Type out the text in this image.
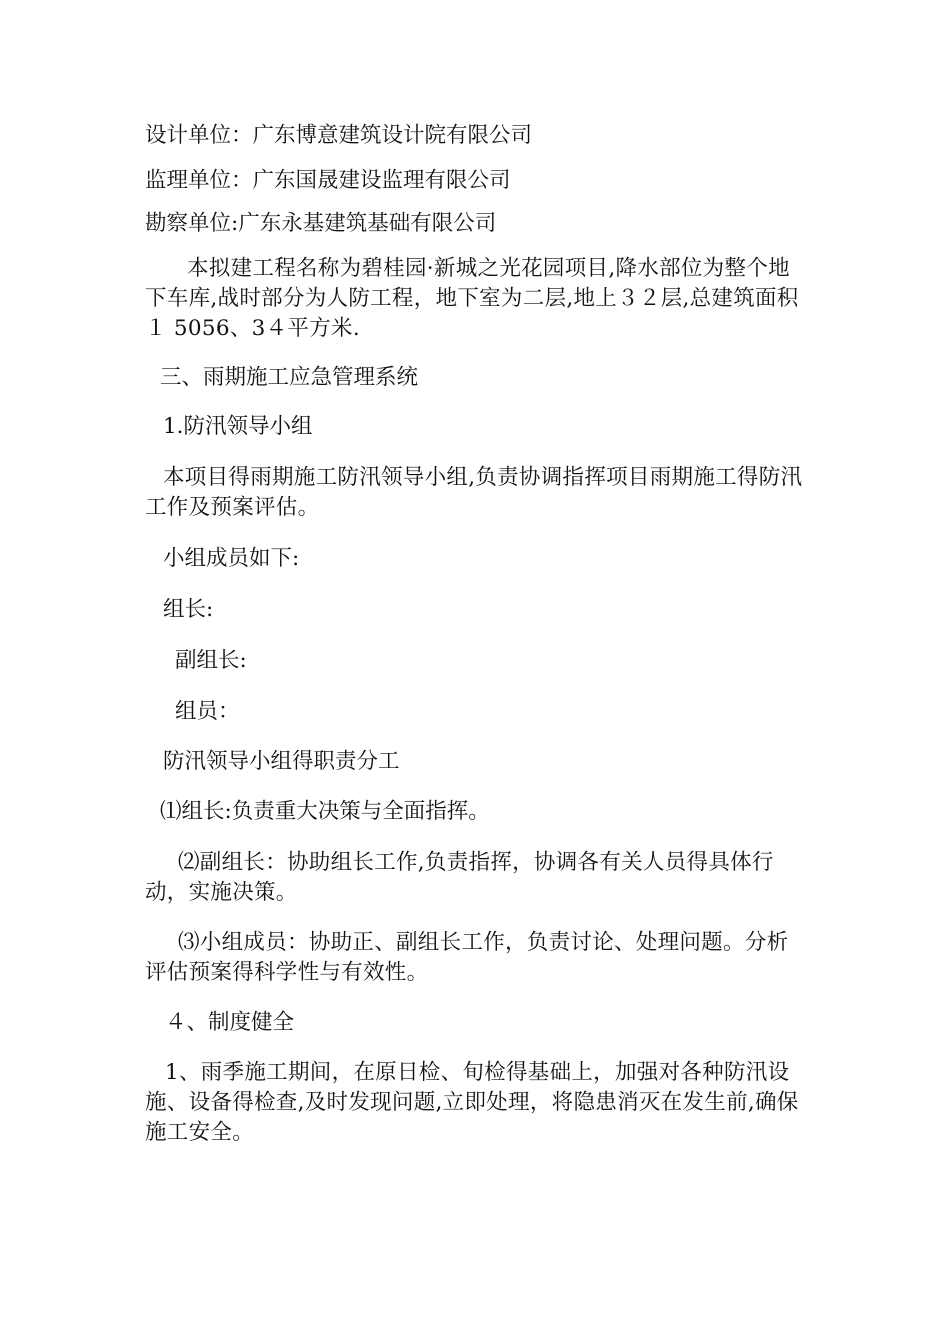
设计单位：广东博意建筑设计院有限公司
监理单位：广东国晟建设监理有限公司
勘察单位:广东永基建筑基础有限公司
本拟建工程名称为碧桂园·新城之光花园项目,降水部位为整个地下车库,战时部分为人防工程，地下室为二层,地上３２层,总建筑面积１ 5056、3４平方米.
三、雨期施工应急管理系统
1.防汛领导小组
本项目得雨期施工防汛领导小组,负责协调指挥项目雨期施工得防汛工作及预案评估。
小组成员如下:
组长:
副组长:
组员：
防汛领导小组得职责分工
⑴组长:负责重大决策与全面指挥。
⑵副组长：协助组长工作,负责指挥，协调各有关人员得具体行动，实施决策。
⑶小组成员：协助正、副组长工作，负责讨论、处理问题。分析评估预案得科学性与有效性。
４、制度健全
1、雨季施工期间，在原日检、旬检得基础上，加强对各种防汛设施、设备得检查,及时发现问题,立即处理，将隐患消灭在发生前,确保施工安全。
